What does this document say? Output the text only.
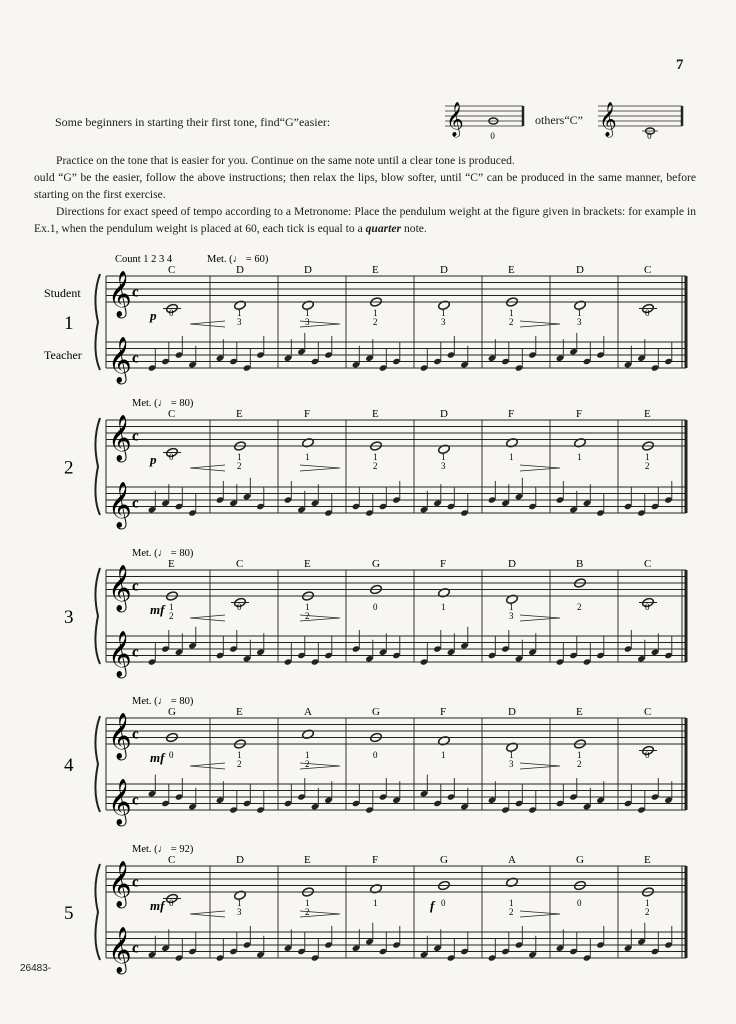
7
Some beginners in starting their first tone, find“G”easier:	others“C”
Practice on the tone that is easier for you. Continue on the same note until a clear tone is produced.
ould “G” be the easier, follow the above instructions; then relax the lips, blow softer, until “C” can be produced in the same manner, before starting on the first exercise.
Directions for exact speed of tempo according to a Metronome: Place the pendulum weight at the figure given in brackets: for example in Ex.1, when the pendulum weight is placed at 60, each tick is equal to a quarter note.
𝄞 c
𝄞 c
1
Met. (♩ = 60)
Count 1 2 3 4
Student
Teacher
p
C
0
D
1
3
D
1
3
E
1
2
D
1
3
E
1
2
D
1
3
C
0
𝄞 c
𝄞 c
2
Met. (♩ = 80)
p
C
0
E
1
2
F
1
E
1
2
D
1
3
F
1
F
1
E
1
2
𝄞 c
𝄞 c
3
Met. (♩ = 80)
mf
E
1
2
C
0
E
1
2
G
0
F
1
D
1
3
B
2
C
0
𝄞 c
𝄞 c
4
Met. (♩ = 80)
mf
G
0
E
1
2
A
1
2
G
0
F
1
D
1
3
E
1
2
C
0
𝄞 c
𝄞 c
5
Met. (♩ = 92)
mf	f
C
0
D
1
3
E
1
2
F
1
G
0
A
1
2
G
0
E
1
2
𝄞	0	𝄞	0
26483-
